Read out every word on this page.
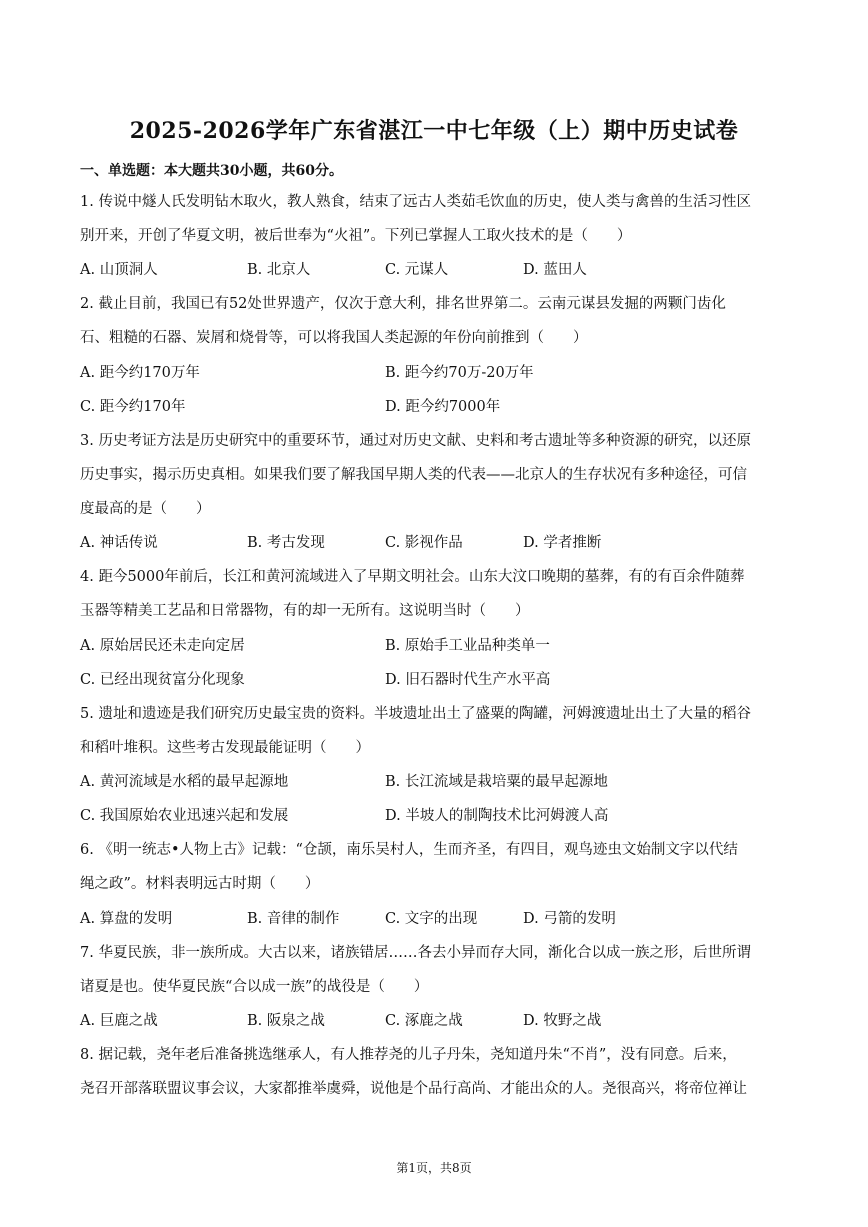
2025-2026学年广东省湛江一中七年级（上）期中历史试卷
一、单选题：本大题共30小题，共60分。
1. 传说中燧人氏发明钻木取火，教人熟食，结束了远古人类茹毛饮血的历史，使人类与禽兽的生活习性区
别开来，开创了华夏文明，被后世奉为“火祖”。下列已掌握人工取火技术的是（　　）
A. 山顶洞人	B. 北京人	C. 元谋人	D. 蓝田人
2. 截止目前，我国已有52处世界遗产，仅次于意大利，排名世界第二。云南元谋县发掘的两颗门齿化
石、粗糙的石器、炭屑和烧骨等，可以将我国人类起源的年份向前推到（　　）
A. 距今约170万年	B. 距今约70万-20万年
C. 距今约170年	D. 距今约7000年
3. 历史考证方法是历史研究中的重要环节，通过对历史文献、史料和考古遗址等多种资源的研究，以还原
历史事实，揭示历史真相。如果我们要了解我国早期人类的代表——北京人的生存状况有多种途径，可信
度最高的是（　　）
A. 神话传说	B. 考古发现	C. 影视作品	D. 学者推断
4. 距今5000年前后，长江和黄河流域进入了早期文明社会。山东大汶口晚期的墓葬，有的有百余件随葬
玉器等精美工艺品和日常器物，有的却一无所有。这说明当时（　　）
A. 原始居民还未走向定居	B. 原始手工业品种类单一
C. 已经出现贫富分化现象	D. 旧石器时代生产水平高
5. 遗址和遗迹是我们研究历史最宝贵的资料。半坡遗址出土了盛粟的陶罐，河姆渡遗址出土了大量的稻谷
和稻叶堆积。这些考古发现最能证明（　　）
A. 黄河流域是水稻的最早起源地	B. 长江流域是栽培粟的最早起源地
C. 我国原始农业迅速兴起和发展	D. 半坡人的制陶技术比河姆渡人高
6. 《明一统志•人物上古》记载：“仓颉，南乐吴村人，生而齐圣，有四目，观鸟迹虫文始制文字以代结
绳之政”。材料表明远古时期（　　）
A. 算盘的发明	B. 音律的制作	C. 文字的出现	D. 弓箭的发明
7. 华夏民族，非一族所成。大古以来，诸族错居……各去小异而存大同，渐化合以成一族之形，后世所谓
诸夏是也。使华夏民族“合以成一族”的战役是（　　）
A. 巨鹿之战	B. 阪泉之战	C. 涿鹿之战	D. 牧野之战
8. 据记载，尧年老后准备挑选继承人，有人推荐尧的儿子丹朱，尧知道丹朱“不肖”，没有同意。后来，
尧召开部落联盟议事会议，大家都推举虞舜，说他是个品行高尚、才能出众的人。尧很高兴，将帝位禅让
第1页，共8页
